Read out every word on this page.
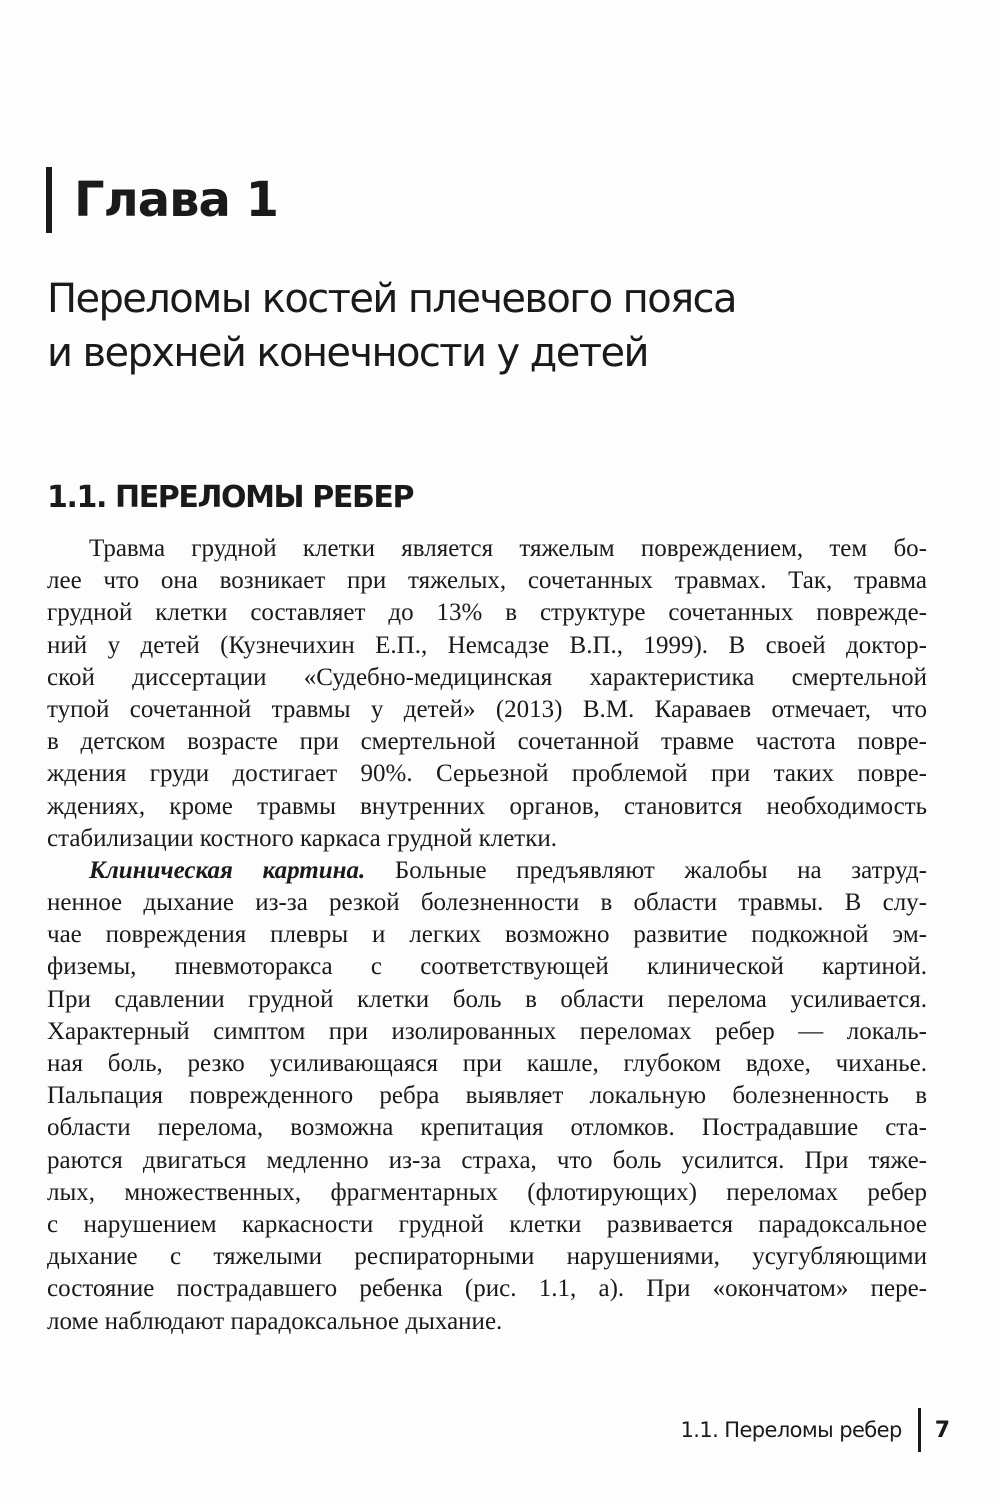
Глава 1
Переломы костей плечевого пояса
и верхней конечности у детей
1.1. ПЕРЕЛОМЫ РЕБЕР
Травма грудной клетки является тяжелым повреждением, тем бо-
лее что она возникает при тяжелых, сочетанных травмах. Так, травма
грудной клетки составляет до 13% в структуре сочетанных поврежде-
ний у детей (Кузнечихин Е.П., Немсадзе В.П., 1999). В своей доктор-
ской диссертации «Судебно-медицинская характеристика смертельной
тупой сочетанной травмы у детей» (2013) В.М. Караваев отмечает, что
в детском возрасте при смертельной сочетанной травме частота повре-
ждения груди достигает 90%. Серьезной проблемой при таких повре-
ждениях, кроме травмы внутренних органов, становится необходимость
стабилизации костного каркаса грудной клетки.
Клиническая картина. Больные предъявляют жалобы на затруд-
ненное дыхание из-за резкой болезненности в области травмы. В слу-
чае повреждения плевры и легких возможно развитие подкожной эм-
физемы, пневмоторакса с соответствующей клинической картиной.
При сдавлении грудной клетки боль в области перелома усиливается.
Характерный симптом при изолированных переломах ребер — локаль-
ная боль, резко усиливающаяся при кашле, глубоком вдохе, чиханье.
Пальпация поврежденного ребра выявляет локальную болезненность в
области перелома, возможна крепитация отломков. Пострадавшие ста-
раются двигаться медленно из-за страха, что боль усилится. При тяже-
лых, множественных, фрагментарных (флотирующих) переломах ребер
с нарушением каркасности грудной клетки развивается парадоксальное
дыхание с тяжелыми респираторными нарушениями, усугубляющими
состояние пострадавшего ребенка (рис. 1.1, а). При «окончатом» пере-
ломе наблюдают парадоксальное дыхание.
1.1. Переломы ребер 7
